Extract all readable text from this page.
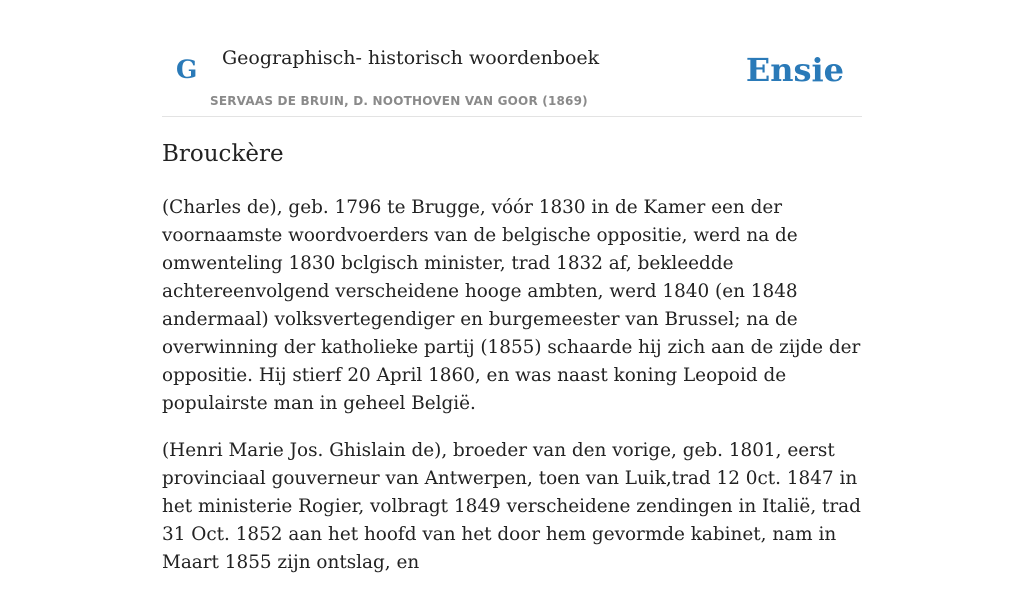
G Geographisch- historisch woordenboek
SERVAAS DE BRUIN, D. NOOTHOVEN VAN GOOR (1869)
Ensie
Brouckère

(Charles de), geb. 1796 te Brugge, vóór 1830 in de Kamer een der voornaamste woordvoerders van de belgische oppositie, werd na de omwenteling 1830 bclgisch minister, trad 1832 af, bekleedde achtereenvolgend verscheidene hooge ambten, werd 1840 (en 1848 andermaal) volksvertegendiger en burgemeester van Brussel; na de overwinning der katholieke partij (1855) schaarde hij zich aan de zijde der oppositie. Hij stierf 20 April 1860, en was naast koning Leopoid de populairste man in geheel België.

(Henri Marie Jos. Ghislain de), broeder van den vorige, geb. 1801, eerst provinciaal gouverneur van Antwerpen, toen van Luik,trad 12 0ct. 1847 in het ministerie Rogier, volbragt 1849 verscheidene zendingen in Italië, trad 31 Oct. 1852 aan het hoofd van het door hem gevormde kabinet, nam in Maart 1855 zijn ontslag, en
